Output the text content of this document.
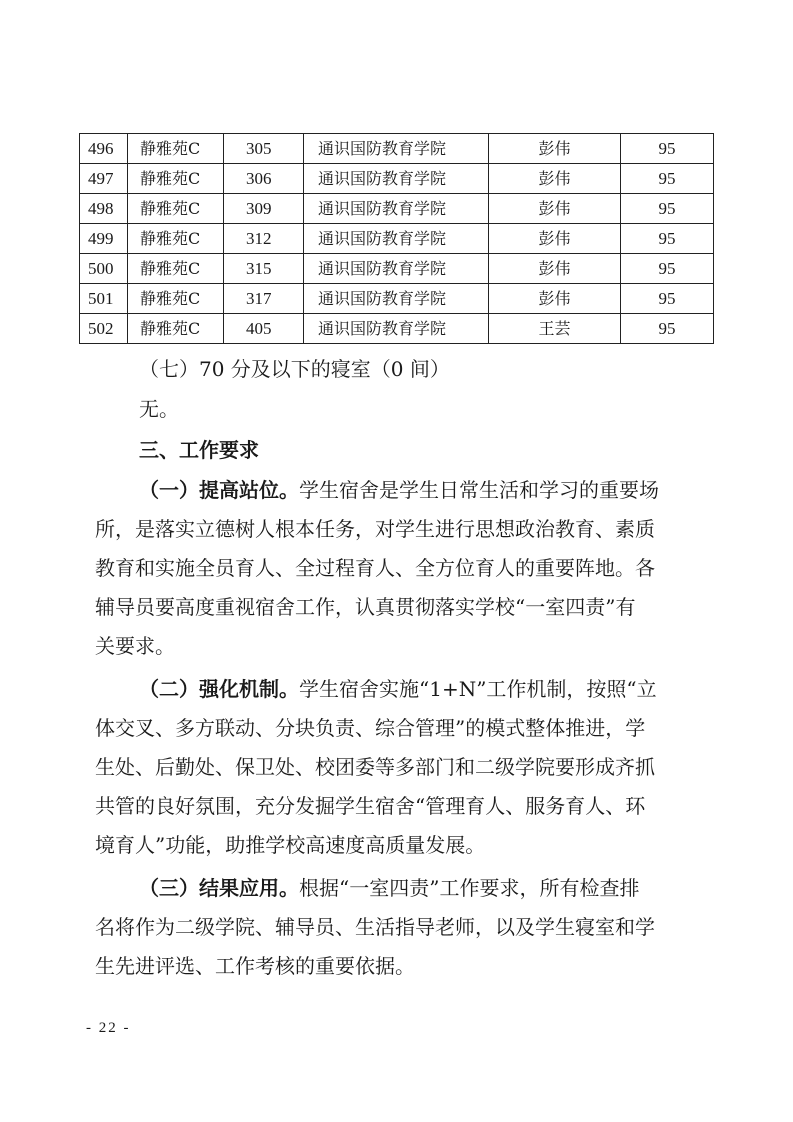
496	静雅苑C	305	通识国防教育学院	彭伟	95
497	静雅苑C	306	通识国防教育学院	彭伟	95
498	静雅苑C	309	通识国防教育学院	彭伟	95
499	静雅苑C	312	通识国防教育学院	彭伟	95
500	静雅苑C	315	通识国防教育学院	彭伟	95
501	静雅苑C	317	通识国防教育学院	彭伟	95
502	静雅苑C	405	通识国防教育学院	王芸	95
（七）70 分及以下的寝室（0 间）
无。
三、工作要求
（一）提高站位。学生宿舍是学生日常生活和学习的重要场
所，是落实立德树人根本任务，对学生进行思想政治教育、素质
教育和实施全员育人、全过程育人、全方位育人的重要阵地。各
辅导员要高度重视宿舍工作，认真贯彻落实学校“一室四责”有
关要求。
（二）强化机制。学生宿舍实施“1+N”工作机制，按照“立
体交叉、多方联动、分块负责、综合管理”的模式整体推进，学
生处、后勤处、保卫处、校团委等多部门和二级学院要形成齐抓
共管的良好氛围，充分发掘学生宿舍“管理育人、服务育人、环
境育人”功能，助推学校高速度高质量发展。
（三）结果应用。根据“一室四责”工作要求，所有检查排
名将作为二级学院、辅导员、生活指导老师，以及学生寝室和学
生先进评选、工作考核的重要依据。
- 22 -
